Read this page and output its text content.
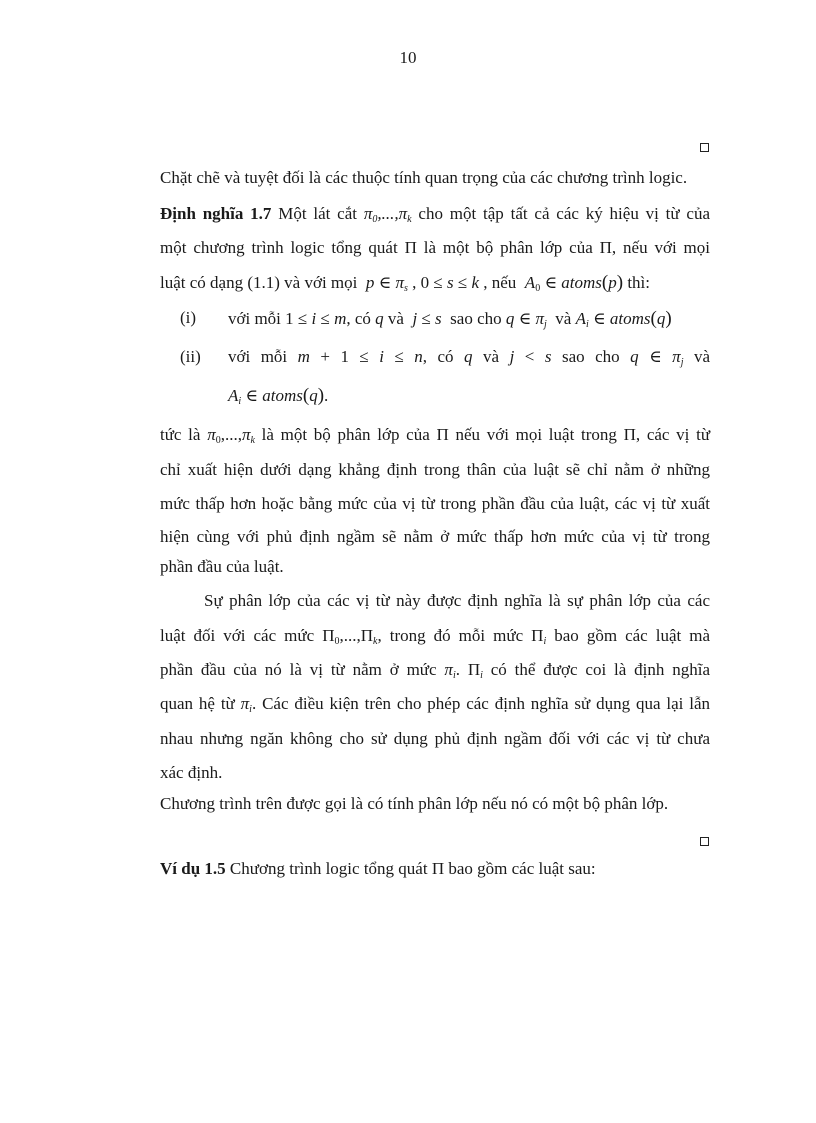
10
Chặt chẽ và tuyệt đối là các thuộc tính quan trọng của các chương trình logic.
Định nghĩa 1.7 Một lát cắt $\pi 0,...,\pi_k$ cho một tập tất cả các ký hiệu vị từ của
một chương trình logic tổng quát Π là một bộ phân lớp của Π, nếu với mọi
luật có dạng (1.1) và với mọi p ∈ $\pi_s$ , 0 ≤ s ≤ k , nếu A0 ∈ atoms(p) thì:
(i) với mỗi 1 ≤ i ≤ m, có q và j ≤ s sao cho q ∈ $\pi_j$ và $A_i$ ∈ atoms(q)
(ii) với mỗi m + 1 ≤ i ≤ n, có q và j < s sao cho q ∈ $\pi_j$ và
$A_i$ ∈ atoms(q).
tức là $\pi 0,...,\pi_k$ là một bộ phân lớp của Π nếu với mọi luật trong Π, các vị từ
chỉ xuất hiện dưới dạng khẳng định trong thân của luật sẽ chỉ nằm ở những
mức thấp hơn hoặc bằng mức của vị từ trong phần đầu của luật, các vị từ xuất
hiện cùng với phủ định ngầm sẽ nằm ở mức thấp hơn mức của vị từ trong
phần đầu của luật.
Sự phân lớp của các vị từ này được định nghĩa là sự phân lớp của các
luật đối với các mức $\Pi 0,...,\Pi_k$, trong đó mỗi mức $\Pi_i$ bao gồm các luật mà
phần đầu của nó là vị từ nằm ở mức $\pi_i$. $\Pi_i$ có thể được coi là định nghĩa
quan hệ từ $\pi_i$. Các điều kiện trên cho phép các định nghĩa sử dụng qua lại lẫn
nhau nhưng ngăn không cho sử dụng phủ định ngầm đối với các vị từ chưa
xác định.
Chương trình trên được gọi là có tính phân lớp nếu nó có một bộ phân lớp.
Ví dụ 1.5 Chương trình logic tổng quát Π bao gồm các luật sau:
